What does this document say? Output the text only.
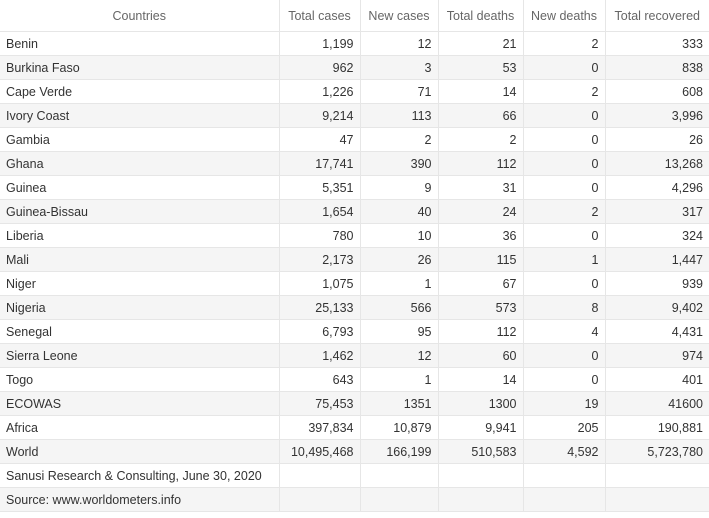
Countries	Total cases	New cases	Total deaths	New deaths	Total recovered
Benin	1,199	12	21	2	333
Burkina Faso	962	3	53	0	838
Cape Verde	1,226	71	14	2	608
Ivory Coast	9,214	113	66	0	3,996
Gambia	47	2	2	0	26
Ghana	17,741	390	112	0	13,268
Guinea	5,351	9	31	0	4,296
Guinea-Bissau	1,654	40	24	2	317
Liberia	780	10	36	0	324
Mali	2,173	26	115	1	1,447
Niger	1,075	1	67	0	939
Nigeria	25,133	566	573	8	9,402
Senegal	6,793	95	112	4	4,431
Sierra Leone	1,462	12	60	0	974
Togo	643	1	14	0	401
ECOWAS	75,453	1351	1300	19	41600
Africa	397,834	10,879	9,941	205	190,881
World	10,495,468	166,199	510,583	4,592	5,723,780
Sanusi Research & Consulting, June 30, 2020					
Source: www.worldometers.info					
